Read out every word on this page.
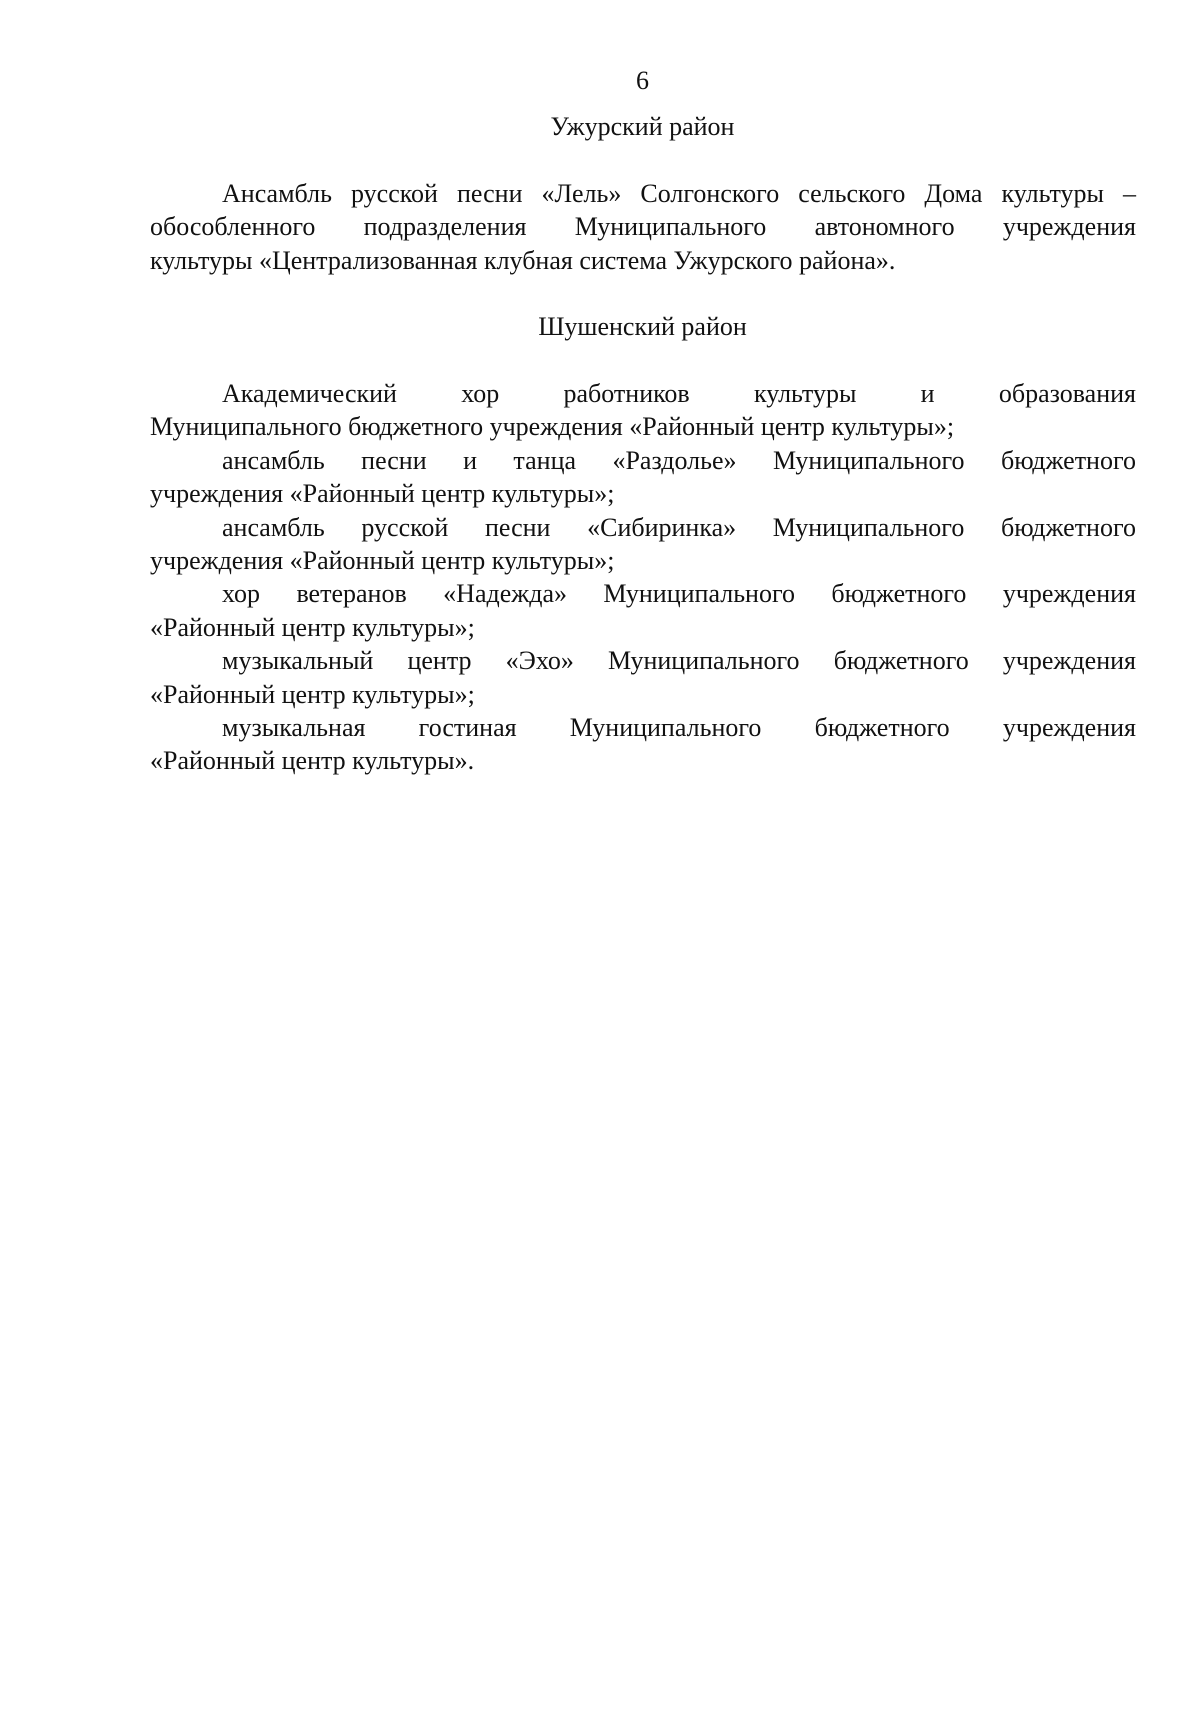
6
Ужурский район
Ансамбль русской песни «Лель» Солгонского сельского Дома культуры –
обособленного подразделения Муниципального автономного учреждения
культуры «Централизованная клубная система Ужурского района».
Шушенский район
Академический хор работников культуры и образования
Муниципального бюджетного учреждения «Районный центр культуры»;
ансамбль песни и танца «Раздолье» Муниципального бюджетного
учреждения «Районный центр культуры»;
ансамбль русской песни «Сибиринка» Муниципального бюджетного
учреждения «Районный центр культуры»;
хор ветеранов «Надежда» Муниципального бюджетного учреждения
«Районный центр культуры»;
музыкальный центр «Эхо» Муниципального бюджетного учреждения
«Районный центр культуры»;
музыкальная гостиная Муниципального бюджетного учреждения
«Районный центр культуры».
